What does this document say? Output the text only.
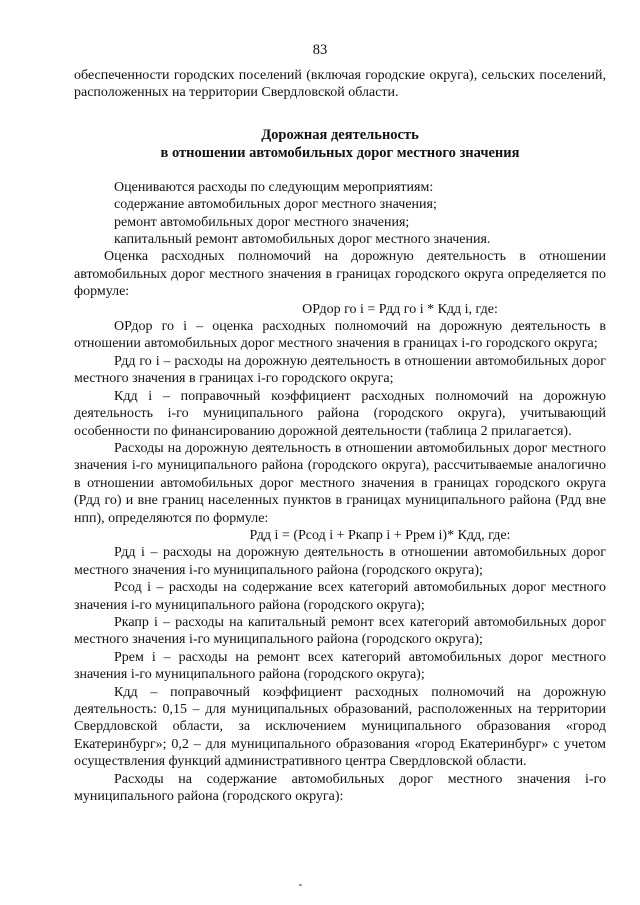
83

обеспеченности городских поселений (включая городские округа), сельских поселений, расположенных на территории Свердловской области.

Дорожная деятельность

в отношении автомобильных дорог местного значения

Оцениваются расходы по следующим мероприятиям:

содержание автомобильных дорог местного значения;

ремонт автомобильных дорог местного значения;

капитальный ремонт автомобильных дорог местного значения.

Оценка расходных полномочий на дорожную деятельность в отношении автомобильных дорог местного значения в границах городского округа определяется по формуле:

ОРдор го i = Рдд го i * Кдд i, где:

ОРдор го i – оценка расходных полномочий на дорожную деятельность в отношении автомобильных дорог местного значения в границах i-го городского округа;

Рдд го i – расходы на дорожную деятельность в отношении автомобильных дорог местного значения в границах i-го городского округа;

Кдд i – поправочный коэффициент расходных полномочий на дорожную деятельность i-го муниципального района (городского округа), учитывающий особенности по финансированию дорожной деятельности (таблица 2 прилагается).

Расходы на дорожную деятельность в отношении автомобильных дорог местного значения i-го муниципального района (городского округа), рассчитываемые аналогично в отношении автомобильных дорог местного значения в границах городского округа (Рдд го) и вне границ населенных пунктов в границах муниципального района (Рдд вне нпп), определяются по формуле:

Рдд i = (Рсод i + Ркапр i + Ррем i)* Кдд, где:

Рдд i – расходы на дорожную деятельность в отношении автомобильных дорог местного значения i-го муниципального района (городского округа);

Рсод i – расходы на содержание всех категорий автомобильных дорог местного значения i-го муниципального района (городского округа);

Ркапр i – расходы на капитальный ремонт всех категорий автомобильных дорог местного значения i-го муниципального района (городского округа);

Ррем i – расходы на ремонт всех категорий автомобильных дорог местного значения i-го муниципального района (городского округа);

Кдд – поправочный коэффициент расходных полномочий на дорожную деятельность: 0,15 – для муниципальных образований, расположенных на территории Свердловской области, за исключением муниципального образования «город Екатеринбург»; 0,2 – для муниципального образования «город Екатеринбург» с учетом осуществления функций административного центра Свердловской области.

Расходы на содержание автомобильных дорог местного значения i-го муниципального района (городского округа):
